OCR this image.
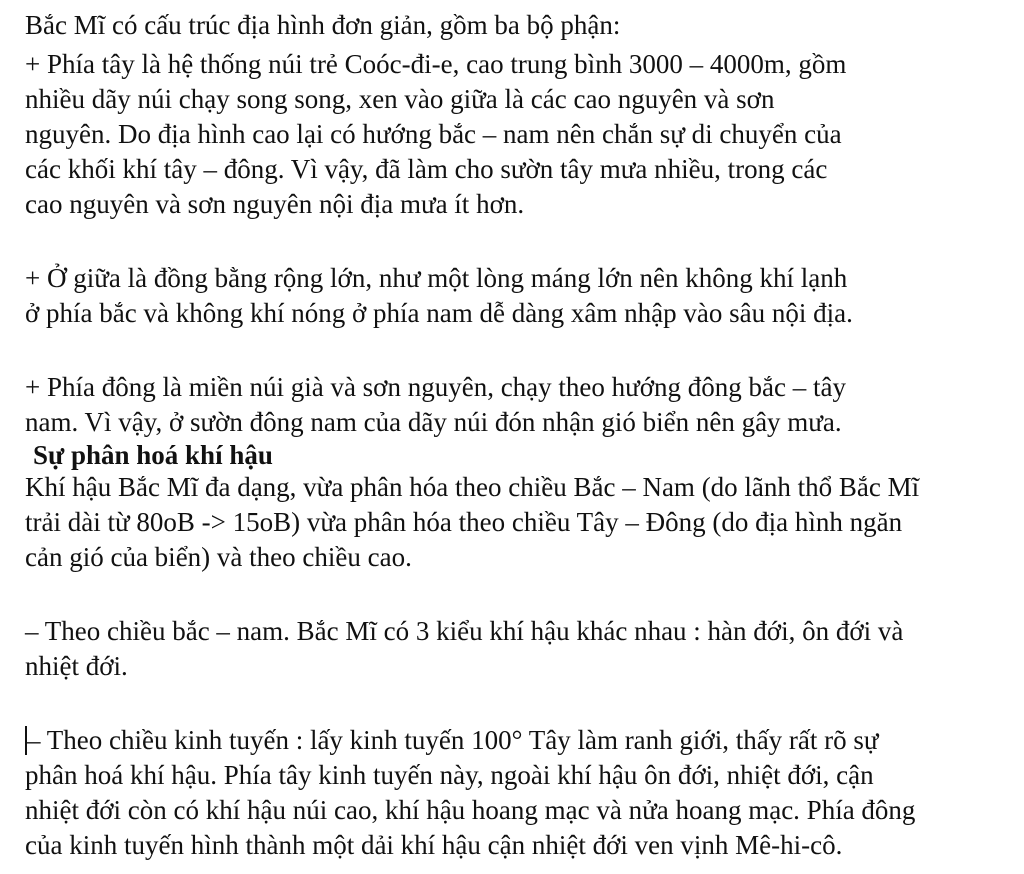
Bắc Mĩ có cấu trúc địa hình đơn giản, gồm ba bộ phận:
+ Phía tây là hệ thống núi trẻ Coóc-đi-e, cao trung bình 3000 – 4000m, gồm
nhiều dãy núi chạy song song, xen vào giữa là các cao nguyên và sơn
nguyên. Do địa hình cao lại có hướng bắc – nam nên chắn sự di chuyển của
các khối khí tây – đông. Vì vậy, đã làm cho sườn tây mưa nhiều, trong các
cao nguyên và sơn nguyên nội địa mưa ít hơn.
+ Ở giữa là đồng bằng rộng lớn, như một lòng máng lớn nên không khí lạnh
ở phía bắc và không khí nóng ở phía nam dễ dàng xâm nhập vào sâu nội địa.
+ Phía đông là miền núi già và sơn nguyên, chạy theo hướng đông bắc – tây
nam. Vì vậy, ở sườn đông nam của dãy núi đón nhận gió biển nên gây mưa.
Sự phân hoá khí hậu
Khí hậu Bắc Mĩ đa dạng, vừa phân hóa theo chiều Bắc – Nam (do lãnh thổ Bắc Mĩ
trải dài từ 80oB -> 15oB) vừa phân hóa theo chiều Tây – Đông (do địa hình ngăn
cản gió của biển) và theo chiều cao.
– Theo chiều bắc – nam. Bắc Mĩ có 3 kiểu khí hậu khác nhau : hàn đới, ôn đới và
nhiệt đới.
– Theo chiều kinh tuyến : lấy kinh tuyến 100° Tây làm ranh giới, thấy rất rõ sự
phân hoá khí hậu. Phía tây kinh tuyến này, ngoài khí hậu ôn đới, nhiệt đới, cận
nhiệt đới còn có khí hậu núi cao, khí hậu hoang mạc và nửa hoang mạc. Phía đông
của kinh tuyến hình thành một dải khí hậu cận nhiệt đới ven vịnh Mê-hi-cô.
